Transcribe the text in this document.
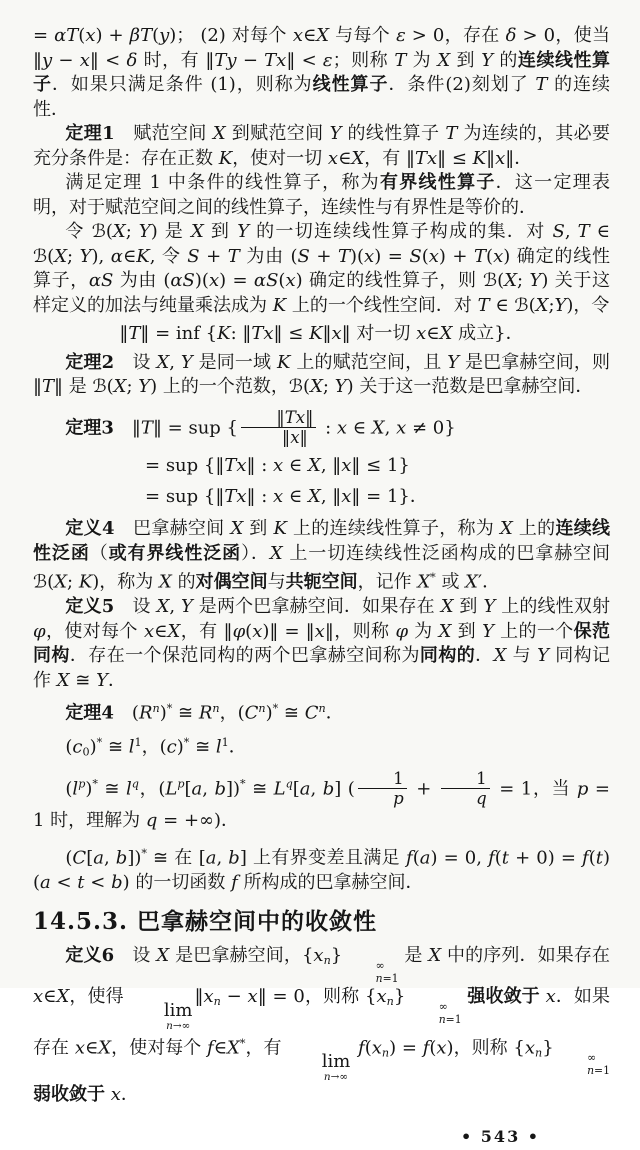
= αT(x) + βT(y)； (2) 对每个 x∈X 与每个 ε > 0，存在 δ > 0，使当 ‖y − x‖ < δ 时，有 ‖Ty − Tx‖ < ε；则称 T 为 X 到 Y 的连续线性算子．如果只满足条件 (1)，则称为线性算子．条件(2)刻划了 T 的连续性．
定理1　赋范空间 X 到赋范空间 Y 的线性算子 T 为连续的，其必要充分条件是：存在正数 K，使对一切 x∈X，有 ‖Tx‖ ≤ K‖x‖．
满足定理 1 中条件的线性算子，称为有界线性算子．这一定理表明，对于赋范空间之间的线性算子，连续性与有界性是等价的．
令 ℬ(X; Y) 是 X 到 Y 的一切连续线性算子构成的集．对 S, T ∈ ℬ(X; Y), α∈K, 令 S + T 为由 (S + T)(x) = S(x) + T(x) 确定的线性算子，αS 为由 (αS)(x) = αS(x) 确定的线性算子，则 ℬ(X; Y) 关于这样定义的加法与纯量乘法成为 K 上的一个线性空间．对 T ∈ ℬ(X;Y)，令
‖T‖ = inf {K: ‖Tx‖ ≤ K‖x‖ 对一切 x∈X 成立}．
定理2　设 X, Y 是同一域 K 上的赋范空间，且 Y 是巴拿赫空间，则 ‖T‖ 是 ℬ(X; Y) 上的一个范数，ℬ(X; Y) 关于这一范数是巴拿赫空间．
定理3　‖T‖ = sup { $\frac{‖Tx‖}{‖x‖}$ : x ∈ X, x ≠ 0}
= sup {‖Tx‖ : x ∈ X, ‖x‖ ≤ 1}
= sup {‖Tx‖ : x ∈ X, ‖x‖ = 1}．
定义4　巴拿赫空间 X 到 K 上的连续线性算子，称为 X 上的连续线性泛函（或有界线性泛函）．X 上一切连续线性泛函构成的巴拿赫空间 ℬ(X; K)，称为 X 的对偶空间与共轭空间，记作 X* 或 X′．
定义5　设 X, Y 是两个巴拿赫空间．如果存在 X 到 Y 上的线性双射 φ，使对每个 x∈X，有 ‖φ(x)‖ = ‖x‖，则称 φ 为 X 到 Y 上的一个保范同构．存在一个保范同构的两个巴拿赫空间称为同构的．X 与 Y 同构记作 X ≅ Y．
定理4　$(R^n)^*$ ≅ $R^n$，$(C^n)^*$ ≅ $C^n$．
(c0)* ≅ $l^1$，(c)* ≅ $l^1$．
$(l^p)^*$ ≅ $l^q$，($L^p[a$, b])* ≅ $L^q[a$, b] ( $\frac{1}{p} + \frac{1}{q} = 1$，当 p = 1 时，理解为 q = +∞)．
(C[a, b])* ≅ 在 [a, b] 上有界变差且满足 f(a) = 0, f(t + 0) = f(t) (a < t < b) 的一切函数 f 所构成的巴拿赫空间．
14.5.3. 巴拿赫空间中的收敛性
定义6　设 X 是巴拿赫空间，{xn}	∞
n=1
是 X 中的序列．如果存在 x∈X，使得
lim
n→∞
‖xn − x‖ = 0，则称 {xn}	∞
n=1
强收敛于 x．如果存在 x∈X，使对每个 f∈X*，有
lim
n→∞
f(xn) = f(x)，则称 {xn}	∞
n=1
弱收敛于 x．
• 543 •
